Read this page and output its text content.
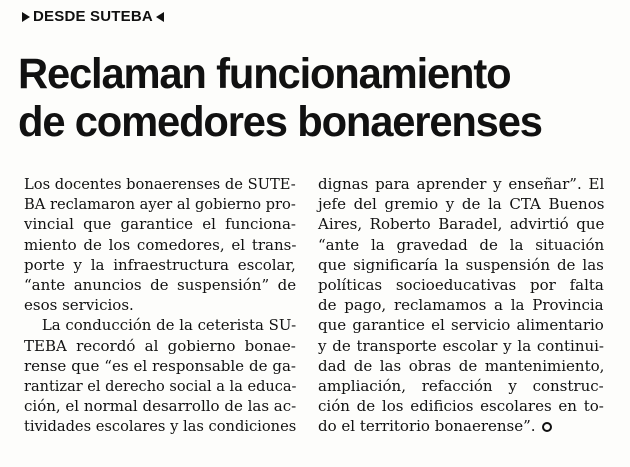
DESDE SUTEBA
Reclaman funcionamiento
de comedores bonaerenses
Los docentes bonaerenses de SUTE-
BA reclamaron ayer al gobierno pro-
vincial que garantice el funciona-
miento de los comedores, el trans-
porte y la infraestructura escolar,
“ante anuncios de suspensión” de
esos servicios.
La conducción de la ceterista SU-
TEBA recordó al gobierno bonae-
rense que “es el responsable de ga-
rantizar el derecho social a la educa-
ción, el normal desarrollo de las ac-
tividades escolares y las condiciones
dignas para aprender y enseñar”. El
jefe del gremio y de la CTA Buenos
Aires, Roberto Baradel, advirtió que
“ante la gravedad de la situación
que significaría la suspensión de las
políticas socioeducativas por falta
de pago, reclamamos a la Provincia
que garantice el servicio alimentario
y de transporte escolar y la continui-
dad de las obras de mantenimiento,
ampliación, refacción y construc-
ción de los edificios escolares en to-
do el territorio bonaerense”.
